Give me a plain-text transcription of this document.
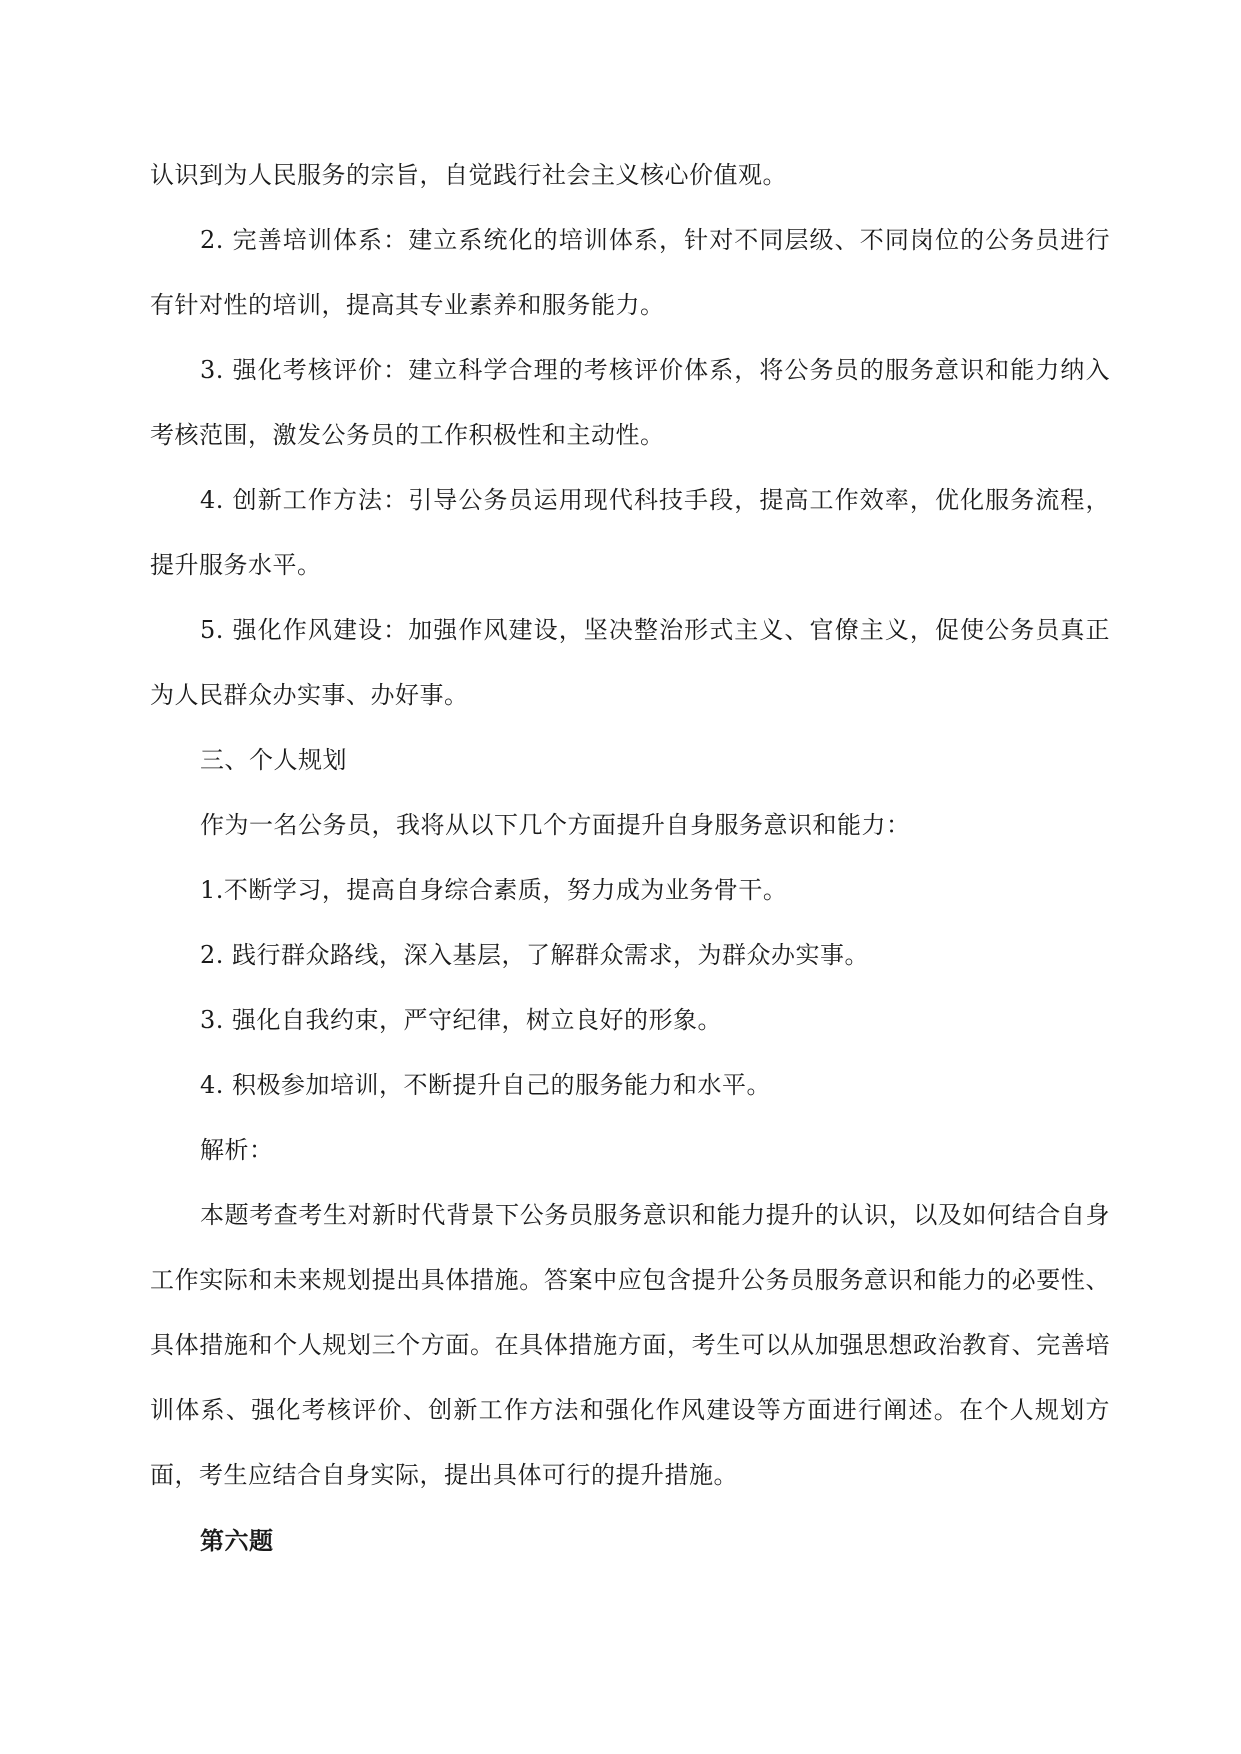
认识到为人民服务的宗旨，自觉践行社会主义核心价值观。

2. 完善培训体系：建立系统化的培训体系，针对不同层级、不同岗位的公务员进行有针对性的培训，提高其专业素养和服务能力。

3. 强化考核评价：建立科学合理的考核评价体系，将公务员的服务意识和能力纳入考核范围，激发公务员的工作积极性和主动性。

4. 创新工作方法：引导公务员运用现代科技手段，提高工作效率，优化服务流程，提升服务水平。

5. 强化作风建设：加强作风建设，坚决整治形式主义、官僚主义，促使公务员真正为人民群众办实事、办好事。

三、个人规划

作为一名公务员，我将从以下几个方面提升自身服务意识和能力：

1.不断学习，提高自身综合素质，努力成为业务骨干。

2. 践行群众路线，深入基层，了解群众需求，为群众办实事。

3. 强化自我约束，严守纪律，树立良好的形象。

4. 积极参加培训，不断提升自己的服务能力和水平。

解析：

本题考查考生对新时代背景下公务员服务意识和能力提升的认识，以及如何结合自身工作实际和未来规划提出具体措施。答案中应包含提升公务员服务意识和能力的必要性、具体措施和个人规划三个方面。在具体措施方面，考生可以从加强思想政治教育、完善培训体系、强化考核评价、创新工作方法和强化作风建设等方面进行阐述。在个人规划方面，考生应结合自身实际，提出具体可行的提升措施。

第六题
